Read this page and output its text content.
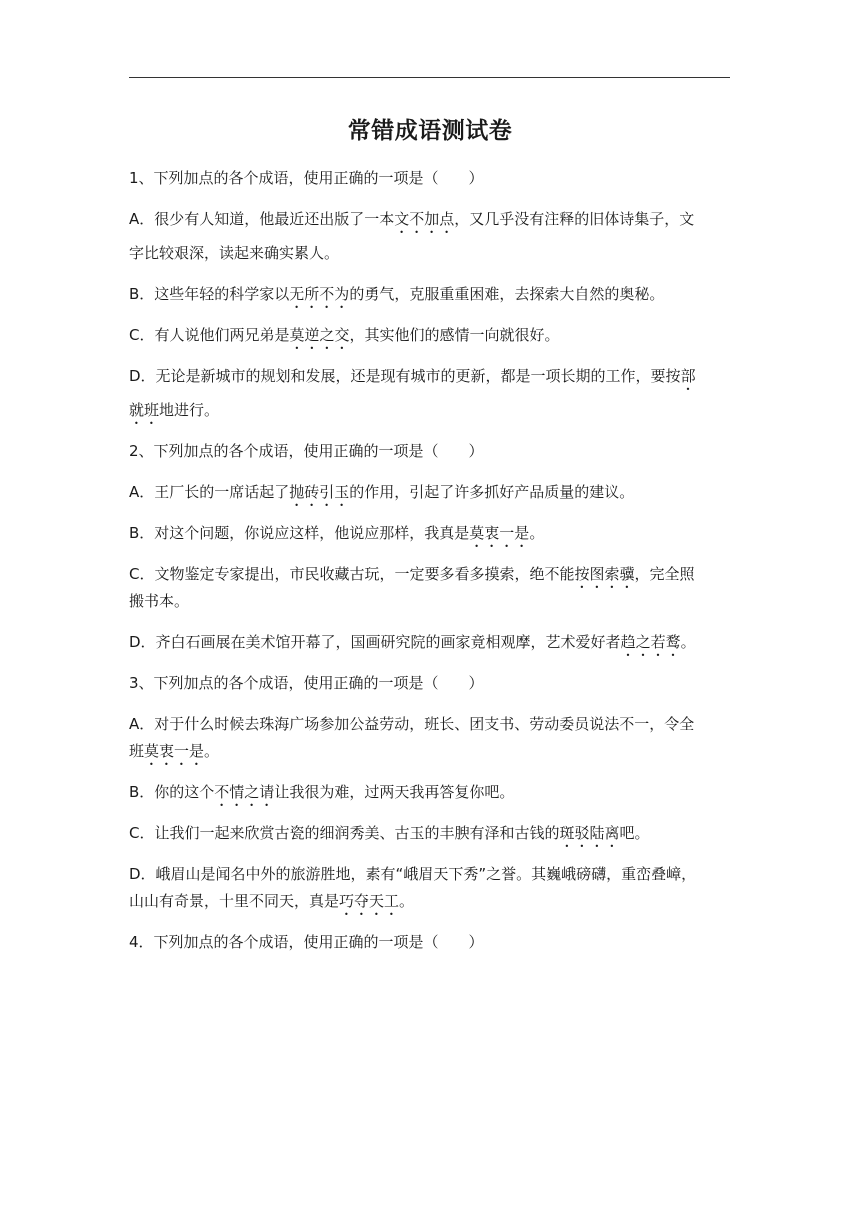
常错成语测试卷
1、下列加点的各个成语，使用正确的一项是（　　）
A．很少有人知道，他最近还出版了一本文不加点，又几乎没有注释的旧体诗集子，文
字比较艰深，读起来确实累人。
B．这些年轻的科学家以无所不为的勇气，克服重重困难，去探索大自然的奥秘。
C．有人说他们两兄弟是莫逆之交，其实他们的感情一向就很好。
D．无论是新城市的规划和发展，还是现有城市的更新，都是一项长期的工作，要按部
就班地进行。
2、下列加点的各个成语，使用正确的一项是（　　）
A．王厂长的一席话起了抛砖引玉的作用，引起了许多抓好产品质量的建议。
B．对这个问题，你说应这样，他说应那样，我真是莫衷一是。
C．文物鉴定专家提出，市民收藏古玩，一定要多看多摸索，绝不能按图索骥，完全照
搬书本。
D．齐白石画展在美术馆开幕了，国画研究院的画家竟相观摩，艺术爱好者趋之若鹜。
3、下列加点的各个成语，使用正确的一项是（　　）
A．对于什么时候去珠海广场参加公益劳动，班长、团支书、劳动委员说法不一，令全
班莫衷一是。
B．你的这个不情之请让我很为难，过两天我再答复你吧。
C．让我们一起来欣赏古瓷的细润秀美、古玉的丰腴有泽和古钱的斑驳陆离吧。
D．峨眉山是闻名中外的旅游胜地，素有“峨眉天下秀”之誉。其巍峨磅礴，重峦叠嶂，
山山有奇景，十里不同天，真是巧夺天工。
4．下列加点的各个成语，使用正确的一项是（　　）
